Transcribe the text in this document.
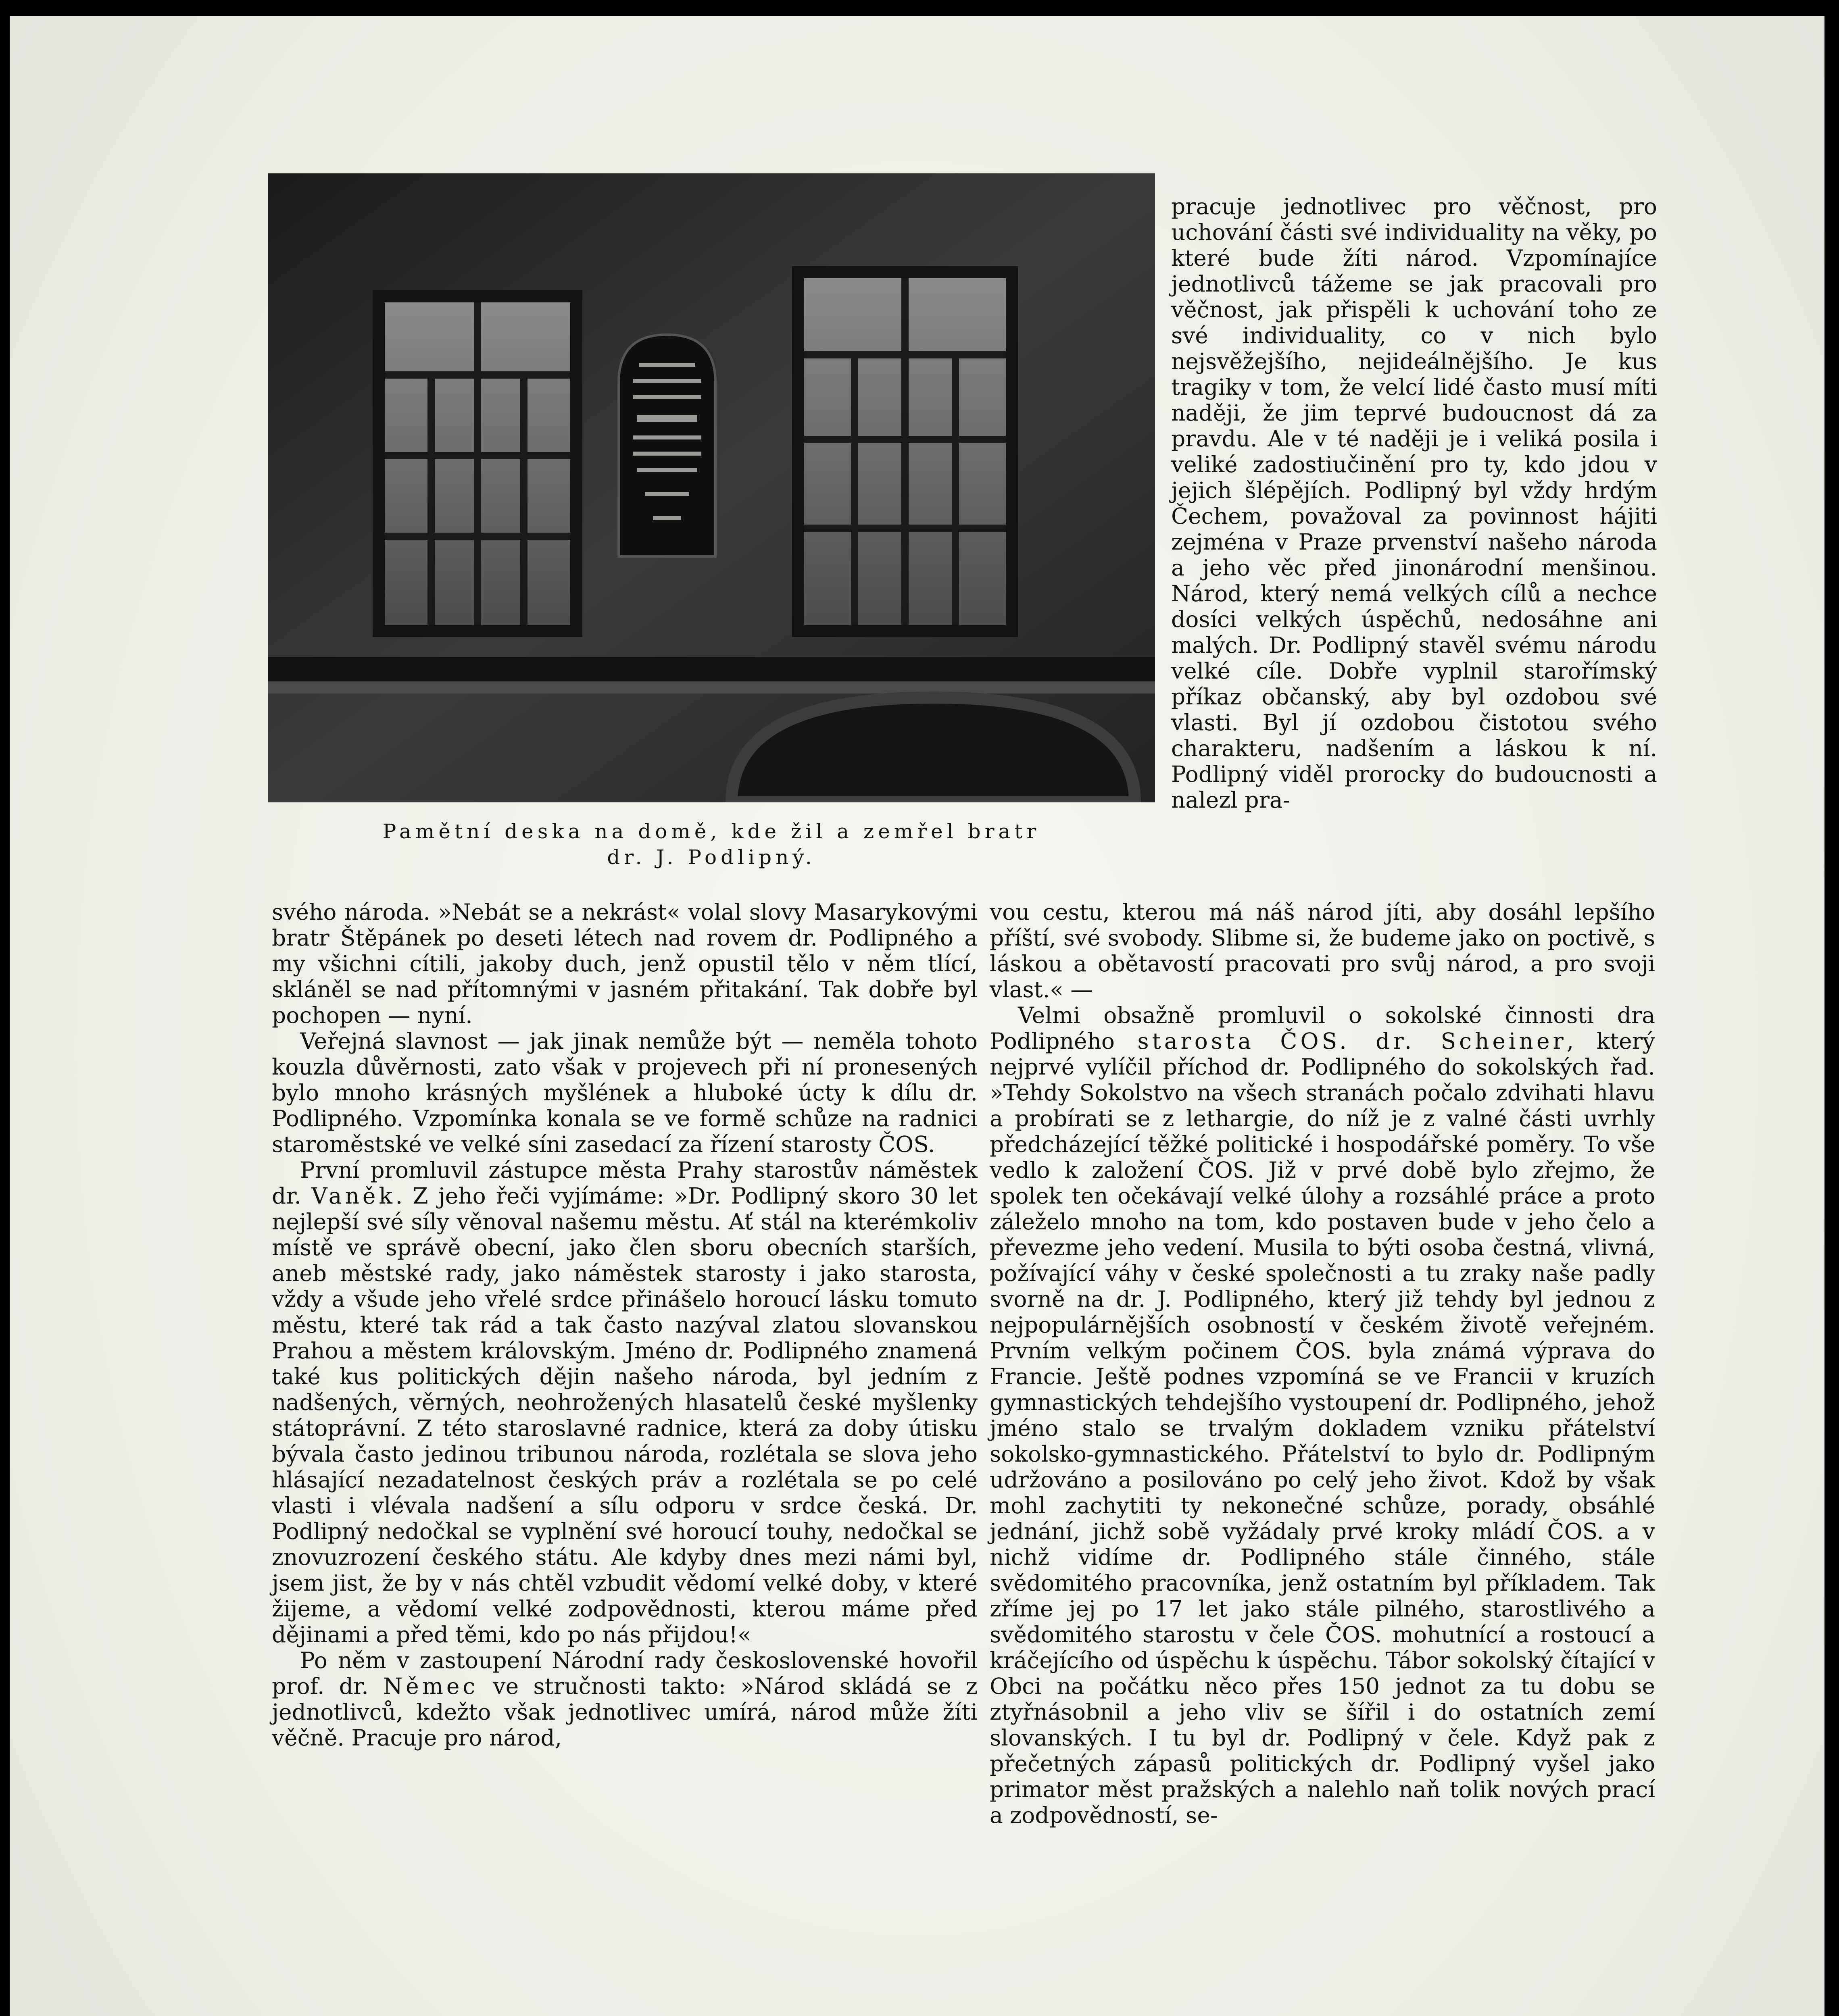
Pamětní deska na domě, kde žil a zemřel bratr
dr. J. Podlipný.

pracuje jednotlivec pro věčnost, pro uchování části své individuality na věky, po které bude žíti národ. Vzpomínajíce jednotlivců tážeme se jak pracovali pro věčnost, jak přispěli k uchování toho ze své individuality, co v nich bylo nejsvěžejšího, nejideálnějšího. Je kus tragiky v tom, že velcí lidé často musí míti naději, že jim teprvé budoucnost dá za pravdu. Ale v té naději je i veliká posila i veliké zadostiučinění pro ty, kdo jdou v jejich šlépějích. Podlipný byl vždy hrdým Čechem, považoval za povinnost hájiti zejména v Praze prvenství našeho národa a jeho věc před jinonárodní menšinou. Národ, který nemá velkých cílů a nechce dosíci velkých úspěchů, nedosáhne ani malých. Dr. Podlipný stavěl svému národu velké cíle. Dobře vyplnil starořímský příkaz občanský, aby byl ozdobou své vlasti. Byl jí ozdobou čistotou svého charakteru, nadšením a láskou k ní. Podlipný viděl prorocky do budoucnosti a nalezl pra-

svého národa. »Nebát se a nekrást« volal slovy Masarykovými bratr Štěpánek po deseti létech nad rovem dr. Podlipného a my všichni cítili, jakoby duch, jenž opustil tělo v něm tlící, skláněl se nad přítomnými v jasném přitakání. Tak dobře byl pochopen — nyní.

Veřejná slavnost — jak jinak nemůže být — neměla tohoto kouzla důvěrnosti, zato však v projevech při ní pronesených bylo mnoho krásných myšlének a hluboké úcty k dílu dr. Podlipného. Vzpomínka konala se ve formě schůze na radnici staroměstské ve velké síni zasedací za řízení starosty ČOS.

První promluvil zástupce města Prahy starostův náměstek dr. Vaněk. Z jeho řeči vyjímáme: »Dr. Podlipný skoro 30 let nejlepší své síly věnoval našemu městu. Ať stál na kterémkoliv místě ve správě obecní, jako člen sboru obecních starších, aneb městské rady, jako náměstek starosty i jako starosta, vždy a všude jeho vřelé srdce přinášelo horoucí lásku tomuto městu, které tak rád a tak často nazýval zlatou slovanskou Prahou a městem královským. Jméno dr. Podlipného znamená také kus politických dějin našeho národa, byl jedním z nadšených, věrných, neohrožených hlasatelů české myšlenky státoprávní. Z této staroslavné radnice, která za doby útisku bývala často jedinou tribunou národa, rozlétala se slova jeho hlásající nezadatelnost českých práv a rozlétala se po celé vlasti i vlévala nadšení a sílu odporu v srdce česká. Dr. Podlipný nedočkal se vyplnění své horoucí touhy, nedočkal se znovuzrození českého státu. Ale kdyby dnes mezi námi byl, jsem jist, že by v nás chtěl vzbudit vědomí velké doby, v které žijeme, a vědomí velké zodpovědnosti, kterou máme před dějinami a před těmi, kdo po nás přijdou!«

Po něm v zastoupení Národní rady československé hovořil prof. dr. Němec ve stručnosti takto: »Národ skládá se z jednotlivců, kdežto však jednotlivec umírá, národ může žíti věčně. Pracuje pro národ,

vou cestu, kterou má náš národ jíti, aby dosáhl lepšího příští, své svobody. Slibme si, že budeme jako on poctivě, s láskou a obětavostí pracovati pro svůj národ, a pro svoji vlast.« —

Velmi obsažně promluvil o sokolské činnosti dra Podlipného starosta ČOS. dr. Scheiner, který nejprvé vylíčil příchod dr. Podlipného do sokolských řad. »Tehdy Sokolstvo na všech stranách počalo zdvihati hlavu a probírati se z lethargie, do níž je z valné části uvrhly předcházející těžké politické i hospodářské poměry. To vše vedlo k založení ČOS. Již v prvé době bylo zřejmo, že spolek ten očekávají velké úlohy a rozsáhlé práce a proto záleželo mnoho na tom, kdo postaven bude v jeho čelo a převezme jeho vedení. Musila to býti osoba čestná, vlivná, požívající váhy v české společnosti a tu zraky naše padly svorně na dr. J. Podlipného, který již tehdy byl jednou z nejpopulárnějších osobností v českém životě veřejném. Prvním velkým počinem ČOS. byla známá výprava do Francie. Ještě podnes vzpomíná se ve Francii v kruzích gymnastických tehdejšího vystoupení dr. Podlipného, jehož jméno stalo se trvalým dokladem vzniku přátelství sokolsko-gymnastického. Přátelství to bylo dr. Podlipným udržováno a posilováno po celý jeho život. Kdož by však mohl zachytiti ty nekonečné schůze, porady, obsáhlé jednání, jichž sobě vyžádaly prvé kroky mládí ČOS. a v nichž vidíme dr. Podlipného stále činného, stále svědomitého pracovníka, jenž ostatním byl příkladem. Tak zříme jej po 17 let jako stále pilného, starostlivého a svědomitého starostu v čele ČOS. mohutnící a rostoucí a kráčejícího od úspěchu k úspěchu. Tábor sokolský čítající v Obci na počátku něco přes 150 jednot za tu dobu se ztyřnásobnil a jeho vliv se šířil i do ostatních zemí slovanských. I tu byl dr. Podlipný v čele. Když pak z přečetných zápasů politických dr. Podlipný vyšel jako primator měst pražských a nalehlo naň tolik nových prací a zodpovědností, se-
